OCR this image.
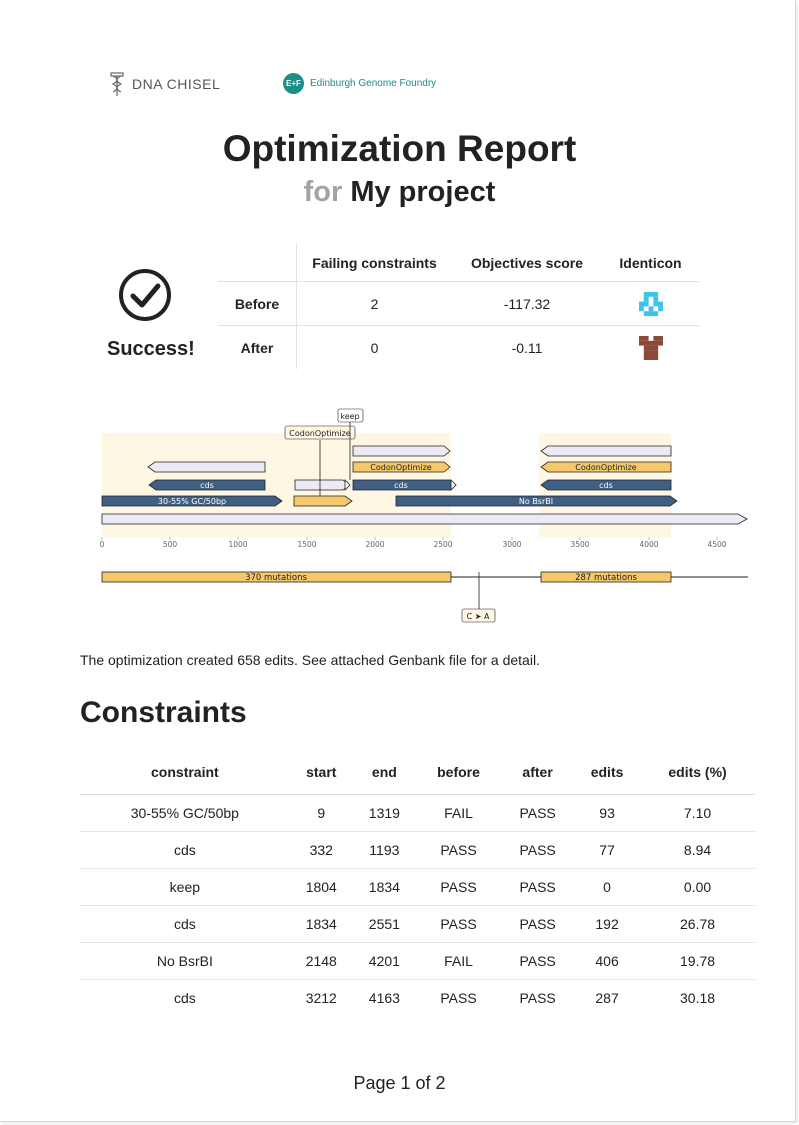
Generated by DnaChisel version 2.1.0 on 2019-10-15 21:11
DNA CHISEL	E+F Edinburgh Genome Foundry
Optimization Report
for My project
Success!
	Failing constraints	Objectives score	Identicon
Before	2	-117.32	
After	0	-0.11	
30-55% GC/50bp	No BsrBI
cds	cds	cds
CodonOptimize	CodonOptimize
CodonOptimize
keep
0	500	1000	1500	2000	2500	3000	3500	4000	4500
370 mutations	287 mutations
C ➤ A
The optimization created 658 edits. See attached Genbank file for a detail.
Constraints
constraint	start	end	before	after	edits	edits (%)
30-55% GC/50bp	9	1319	FAIL	PASS	93	7.10
cds	332	1193	PASS	PASS	77	8.94
keep	1804	1834	PASS	PASS	0	0.00
cds	1834	2551	PASS	PASS	192	26.78
No BsrBI	2148	4201	FAIL	PASS	406	19.78
cds	3212	4163	PASS	PASS	287	30.18
Page 1 of 2
